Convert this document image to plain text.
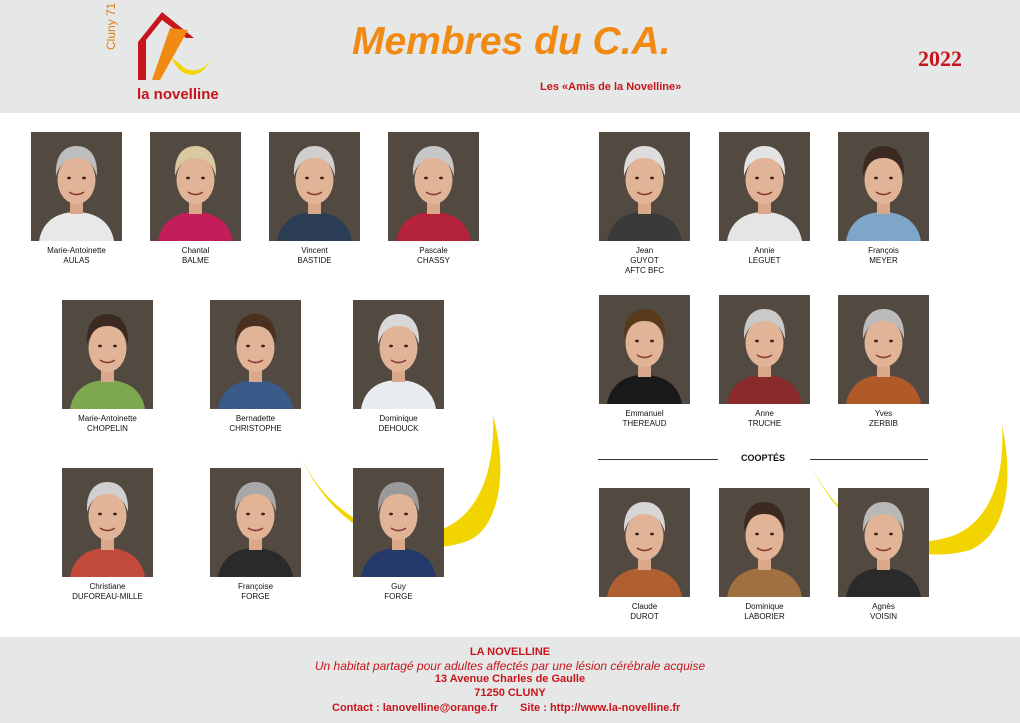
Cluny 71
la novelline
Membres du C.A.
Les «Amis de la Novelline»
2022
Marie-Antoinette
AULAS
Chantal
BALME
Vincent
BASTIDE
Pascale
CHASSY
Jean
GUYOT
AFTC BFC
Annie
LEGUET
François
MEYER
Marie-Antoinette
CHOPELIN
Bernadette
CHRISTOPHE
Dominique
DEHOUCK
Emmanuel
THEREAUD
Anne
TRUCHE
Yves
ZERBIB
Christiane
DUFOREAU-MILLE
Françoise
FORGE
Guy
FORGE
Claude
DUROT
Dominique
LABORIER
Agnès
VOISIN
COOPTÉS
LA NOVELLINE
Un habitat partagé pour adultes affectés par une lésion cérébrale acquise
13 Avenue Charles de Gaulle
71250 CLUNY
Contact : lanovelline@orange.fr Site : http://www.la-novelline.fr
